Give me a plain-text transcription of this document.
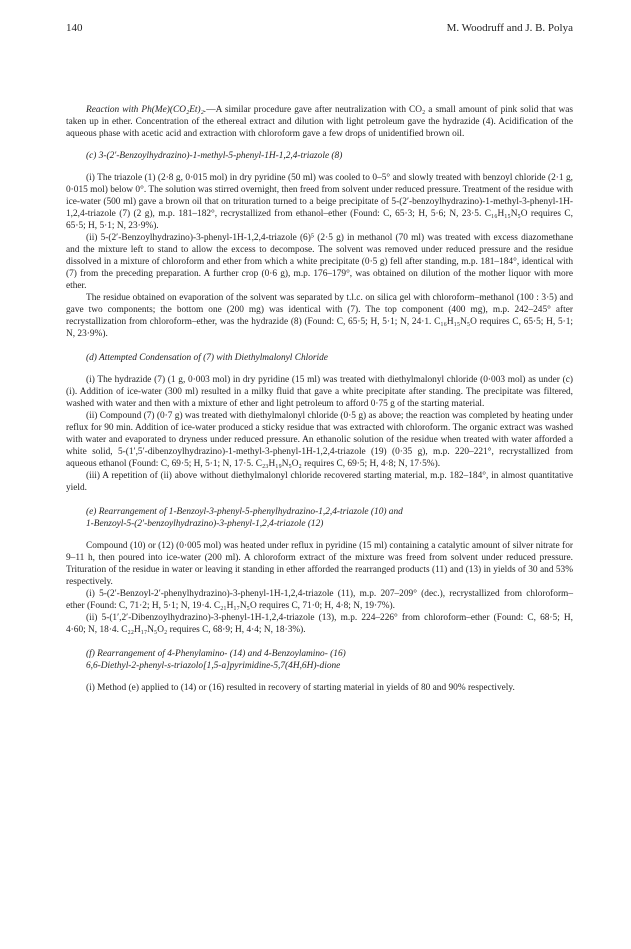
140	M. Woodruff and J. B. Polya

Reaction with Ph(Me)(CO₂Et)₂.—A similar procedure gave after neutralization with CO₂ a small amount of pink solid that was taken up in ether. Concentration of the ethereal extract and dilution with light petroleum gave the hydrazide (4). Acidification of the aqueous phase with acetic acid and extraction with chloroform gave a few drops of unidentified brown oil.

(c) 3-(2′-Benzoylhydrazino)-1-methyl-5-phenyl-1H-1,2,4-triazole (8)

(i) The triazole (1) (2·8 g, 0·015 mol) in dry pyridine (50 ml) was cooled to 0–5° and slowly treated with benzoyl chloride (2·1 g, 0·015 mol) below 0°. The solution was stirred overnight, then freed from solvent under reduced pressure. Treatment of the residue with ice-water (500 ml) gave a brown oil that on trituration turned to a beige precipitate of 5-(2′-benzoylhydrazino)-1-methyl-3-phenyl-1H-1,2,4-triazole (7) (2 g), m.p. 181–182°, recrystallized from ethanol–ether (Found: C, 65·3; H, 5·6; N, 23·5. C₁₆H₁₅N₅O requires C, 65·5; H, 5·1; N, 23·9%).

(ii) 5-(2′-Benzoylhydrazino)-3-phenyl-1H-1,2,4-triazole (6)⁵ (2·5 g) in methanol (70 ml) was treated with excess diazomethane and the mixture left to stand to allow the excess to decompose. The solvent was removed under reduced pressure and the residue dissolved in a mixture of chloroform and ether from which a white precipitate (0·5 g) fell after standing, m.p. 181–184°, identical with (7) from the preceding preparation. A further crop (0·6 g), m.p. 176–179°, was obtained on dilution of the mother liquor with more ether.

The residue obtained on evaporation of the solvent was separated by t.l.c. on silica gel with chloroform–methanol (100 : 3·5) and gave two components; the bottom one (200 mg) was identical with (7). The top component (400 mg), m.p. 242–245° after recrystallization from chloroform–ether, was the hydrazide (8) (Found: C, 65·5; H, 5·1; N, 24·1. C₁₆H₁₅N₅O requires C, 65·5; H, 5·1; N, 23·9%).

(d) Attempted Condensation of (7) with Diethylmalonyl Chloride

(i) The hydrazide (7) (1 g, 0·003 mol) in dry pyridine (15 ml) was treated with diethylmalonyl chloride (0·003 mol) as under (c)(i). Addition of ice-water (300 ml) resulted in a milky fluid that gave a white precipitate after standing. The precipitate was filtered, washed with water and then with a mixture of ether and light petroleum to afford 0·75 g of the starting material.

(ii) Compound (7) (0·7 g) was treated with diethylmalonyl chloride (0·5 g) as above; the reaction was completed by heating under reflux for 90 min. Addition of ice-water produced a sticky residue that was extracted with chloroform. The organic extract was washed with water and evaporated to dryness under reduced pressure. An ethanolic solution of the residue when treated with water afforded a white solid, 5-(1′,5′-dibenzoylhydrazino)-1-methyl-3-phenyl-1H-1,2,4-triazole (19) (0·35 g), m.p. 220–221°, recrystallized from aqueous ethanol (Found: C, 69·5; H, 5·1; N, 17·5. C₂₃H₁₉N₅O₂ requires C, 69·5; H, 4·8; N, 17·5%).

(iii) A repetition of (ii) above without diethylmalonyl chloride recovered starting material, m.p. 182–184°, in almost quantitative yield.

(e) Rearrangement of 1-Benzoyl-3-phenyl-5-phenylhydrazino-1,2,4-triazole (10) and

1-Benzoyl-5-(2′-benzoylhydrazino)-3-phenyl-1,2,4-triazole (12)

Compound (10) or (12) (0·005 mol) was heated under reflux in pyridine (15 ml) containing a catalytic amount of silver nitrate for 9–11 h, then poured into ice-water (200 ml). A chloroform extract of the mixture was freed from solvent under reduced pressure. Trituration of the residue in water or leaving it standing in ether afforded the rearranged products (11) and (13) in yields of 30 and 53% respectively.

(i) 5-(2′-Benzoyl-2′-phenylhydrazino)-3-phenyl-1H-1,2,4-triazole (11), m.p. 207–209° (dec.), recrystallized from chloroform–ether (Found: C, 71·2; H, 5·1; N, 19·4. C₂₁H₁₇N₅O requires C, 71·0; H, 4·8; N, 19·7%).

(ii) 5-(1′,2′-Dibenzoylhydrazino)-3-phenyl-1H-1,2,4-triazole (13), m.p. 224–226° from chloroform–ether (Found: C, 68·5; H, 4·60; N, 18·4. C₂₂H₁₇N₅O₂ requires C, 68·9; H, 4·4; N, 18·3%).

(f) Rearrangement of 4-Phenylamino- (14) and 4-Benzoylamino- (16)

6,6-Diethyl-2-phenyl-s-triazolo[1,5-a]pyrimidine-5,7(4H,6H)-dione

(i) Method (e) applied to (14) or (16) resulted in recovery of starting material in yields of 80 and 90% respectively.
